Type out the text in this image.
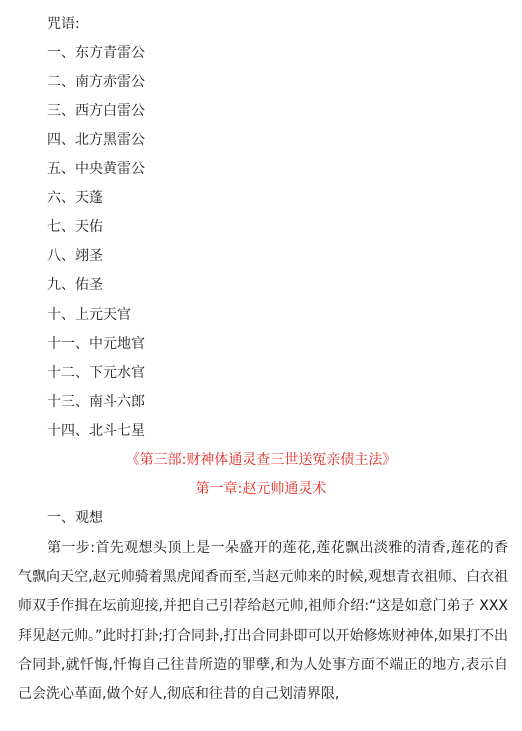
咒语:
一、东方青雷公
二、南方赤雷公
三、西方白雷公
四、北方黑雷公
五、中央黄雷公
六、天蓬
七、天佑
八、翊圣
九、佑圣
十、上元天官
十一、中元地官
十二、下元水官
十三、南斗六郎
十四、北斗七星
《第三部:财神体通灵查三世送冤亲债主法》
第一章:赵元帅通灵术
一、观想
第一步:首先观想头顶上是一朵盛开的莲花,莲花飘出淡雅的清香,莲花的香气飘向天空,赵元帅骑着黑虎闻香而至,当赵元帅来的时候,观想青衣祖师、白衣祖师双手作揖在坛前迎接,并把自己引荐给赵元帅,祖师介绍:“这是如意门弟子 XXX 拜见赵元帅。”此时打卦;打合同卦,打出合同卦即可以开始修炼财神体,如果打不出合同卦,就忏悔,忏悔自己往昔所造的罪孽,和为人处事方面不端正的地方,表示自己会洗心革面,做个好人,彻底和往昔的自己划清界限,
